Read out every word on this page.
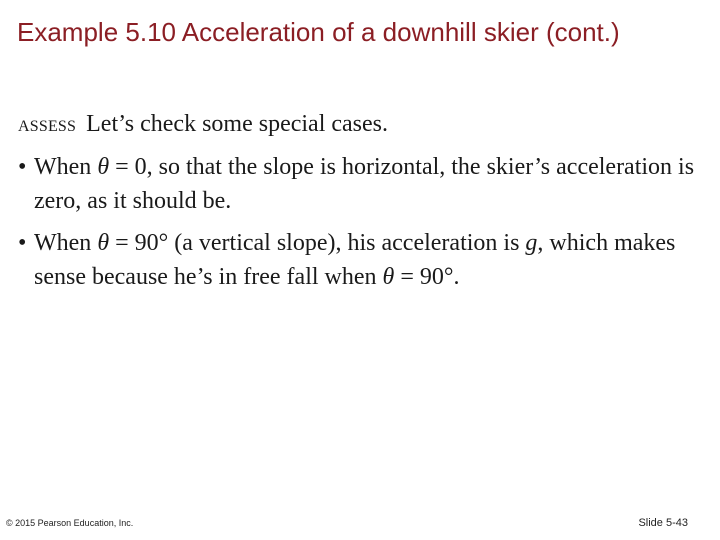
Example 5.10 Acceleration of a downhill skier (cont.)
ASSESS Let’s check some special cases.
• When θ = 0, so that the slope is horizontal, the skier’s acceleration is zero, as it should be.
• When θ = 90° (a vertical slope), his acceleration is g, which makes sense because he’s in free fall when θ = 90°.
© 2015 Pearson Education, Inc.	Slide 5-43
